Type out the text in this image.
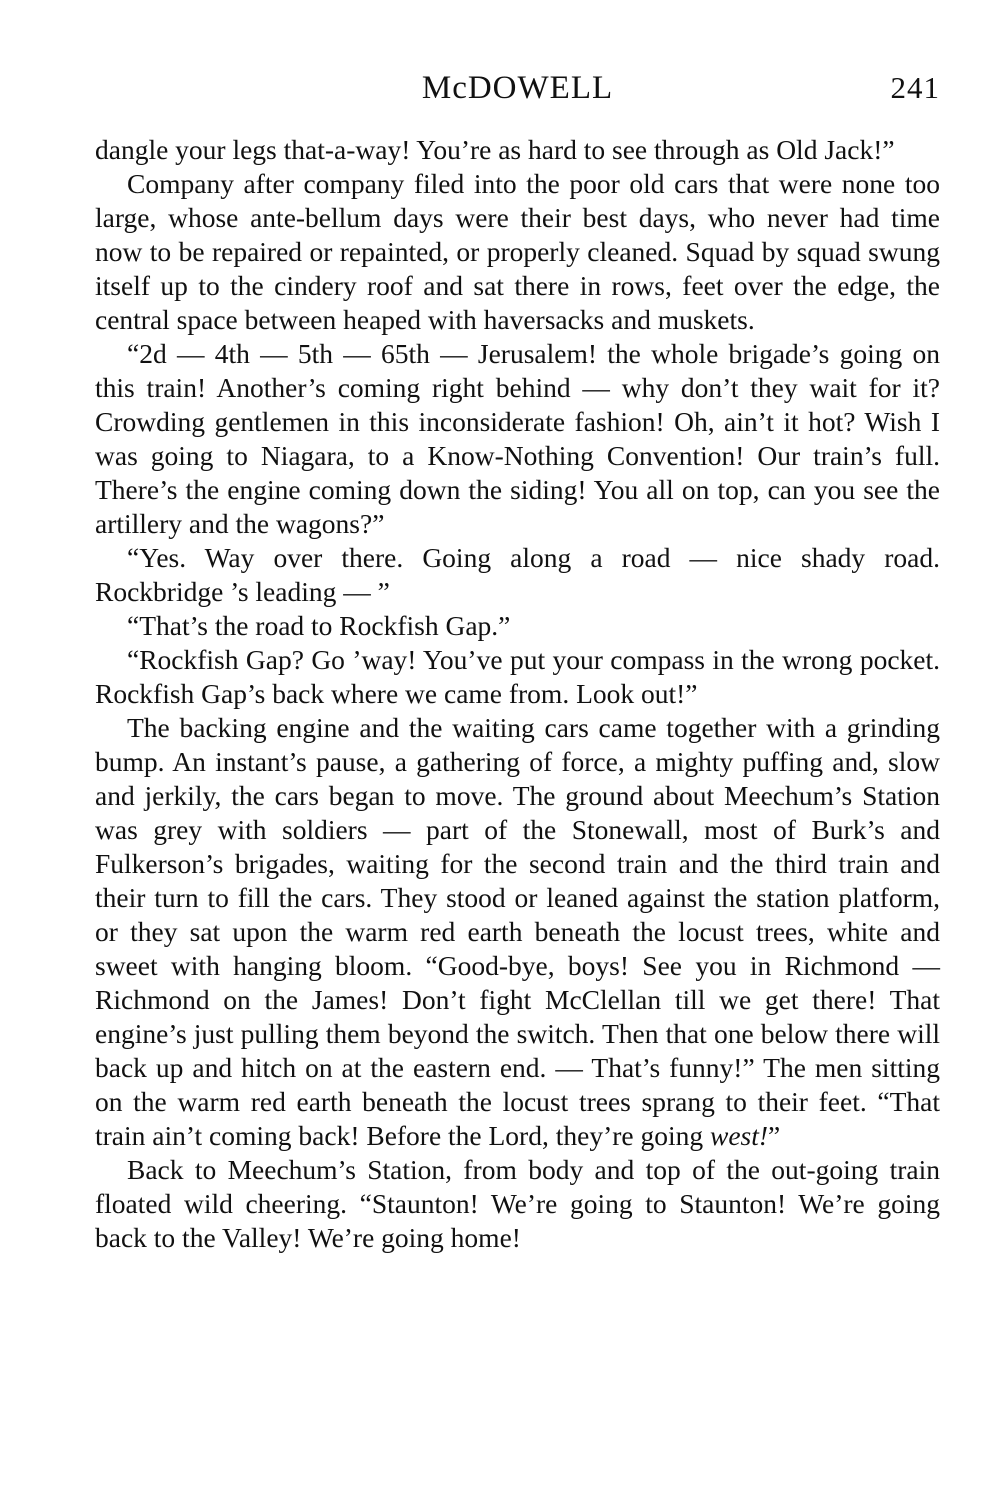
McDOWELL	241

dangle your legs that-a-way! You’re as hard to see through as Old Jack!”

Company after company filed into the poor old cars that were none too large, whose ante-bellum days were their best days, who never had time now to be repaired or repainted, or properly cleaned. Squad by squad swung itself up to the cindery roof and sat there in rows, feet over the edge, the central space between heaped with haversacks and muskets.

“2d — 4th — 5th — 65th — Jerusalem! the whole brigade’s going on this train! Another’s coming right behind — why don’t they wait for it? Crowding gentlemen in this inconsiderate fashion! Oh, ain’t it hot? Wish I was going to Niagara, to a Know-Nothing Convention! Our train’s full. There’s the engine coming down the siding! You all on top, can you see the artillery and the wagons?”

“Yes. Way over there. Going along a road — nice shady road. Rockbridge ’s leading — ”

“That’s the road to Rockfish Gap.”

“Rockfish Gap? Go ’way! You’ve put your compass in the wrong pocket. Rockfish Gap’s back where we came from. Look out!”

The backing engine and the waiting cars came together with a grinding bump. An instant’s pause, a gathering of force, a mighty puffing and, slow and jerkily, the cars began to move. The ground about Meechum’s Station was grey with soldiers — part of the Stonewall, most of Burk’s and Fulkerson’s brigades, waiting for the second train and the third train and their turn to fill the cars. They stood or leaned against the station platform, or they sat upon the warm red earth beneath the locust trees, white and sweet with hanging bloom. “Good-bye, boys! See you in Richmond — Richmond on the James! Don’t fight McClellan till we get there! That engine’s just pulling them beyond the switch. Then that one below there will back up and hitch on at the eastern end. — That’s funny!” The men sitting on the warm red earth beneath the locust trees sprang to their feet. “That train ain’t coming back! Before the Lord, they’re going west!”

Back to Meechum’s Station, from body and top of the out-going train floated wild cheering. “Staunton! We’re going to Staunton! We’re going back to the Valley! We’re going home!
